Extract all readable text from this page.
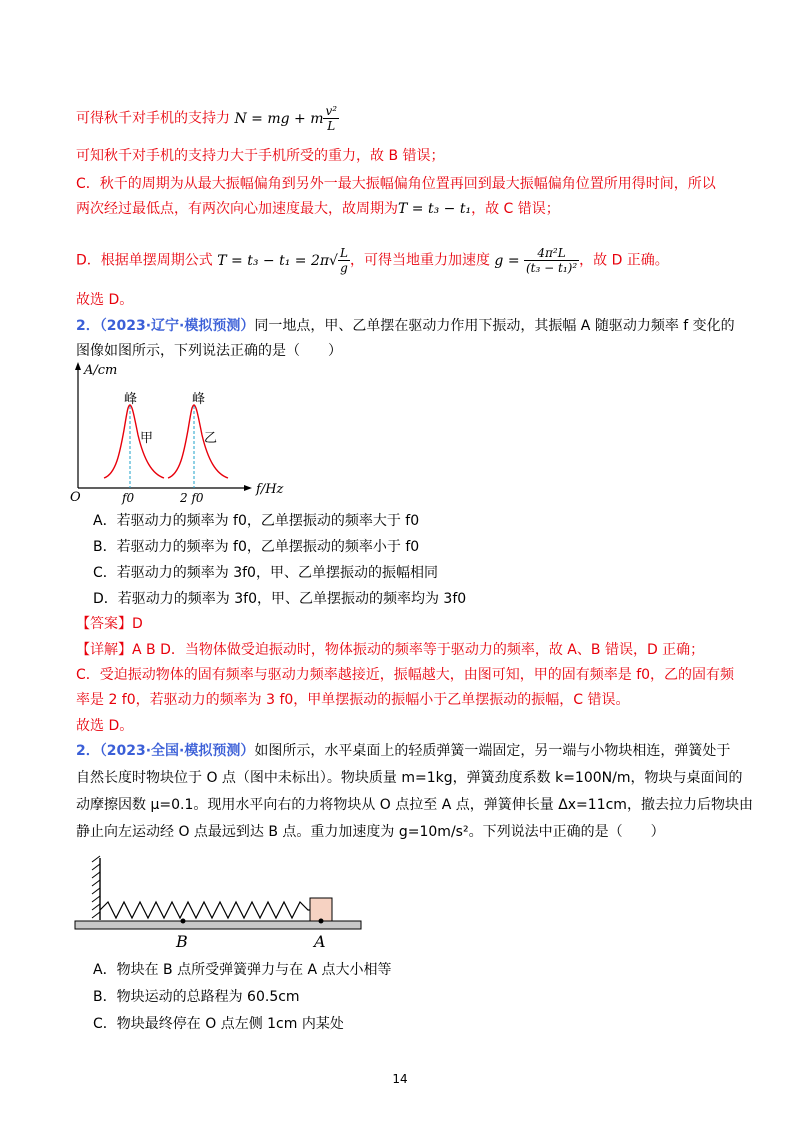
可得秋千对手机的支持力 N = mg + m $\frac{\text{v²}}{L}$
可知秋千对手机的支持力大于手机所受的重力，故 B 错误；
C．秋千的周期为从最大振幅偏角到另外一最大振幅偏角位置再回到最大振幅偏角位置所用得时间，所以
两次经过最低点，有两次向心加速度最大，故周期为T = t₃ − t₁，故 C 错误；
D．根据单摆周期公式 $T = t_3 - t_1 = 2\pi√ \frac{L}{g}$ ，可得当地重力加速度 $g = \frac{\text{4π²L}}{\text{(t₃ − t₁)²}}$ ，故 D 正确。
故选 D。
2．（2023·辽宁·模拟预测）同一地点，甲、乙单摆在驱动力作用下振动，其振幅 A 随驱动力频率 f 变化的
图像如图所示，下列说法正确的是（　　）
A/cm
f/Hz
O
峰	峰
甲	乙
f0	2 f0
A．若驱动力的频率为 f0，乙单摆振动的频率大于 f0
B．若驱动力的频率为 f0，乙单摆振动的频率小于 f0
C．若驱动力的频率为 3f0，甲、乙单摆振动的振幅相同
D．若驱动力的频率为 3f0，甲、乙单摆振动的频率均为 3f0
【答案】D
【详解】A B D．当物体做受迫振动时，物体振动的频率等于驱动力的频率，故 A、B 错误，D 正确；
C．受迫振动物体的固有频率与驱动力频率越接近，振幅越大，由图可知，甲的固有频率是 f0，乙的固有频
率是 2 f0，若驱动力的频率为 3 f0，甲单摆振动的振幅小于乙单摆振动的振幅，C 错误。
故选 D。
2．（2023·全国·模拟预测）如图所示，水平桌面上的轻质弹簧一端固定，另一端与小物块相连，弹簧处于
自然长度时物块位于 O 点（图中未标出）。物块质量 m=1kg，弹簧劲度系数 k=100N/m，物块与桌面间的
动摩擦因数 μ=0.1。现用水平向右的力将物块从 O 点拉至 A 点，弹簧伸长量 Δx=11cm，撤去拉力后物块由
静止向左运动经 O 点最远到达 B 点。重力加速度为 g=10m/s²。下列说法中正确的是（　　）
B	A
A．物块在 B 点所受弹簧弹力与在 A 点大小相等
B．物块运动的总路程为 60.5cm
C．物块最终停在 O 点左侧 1cm 内某处
14
